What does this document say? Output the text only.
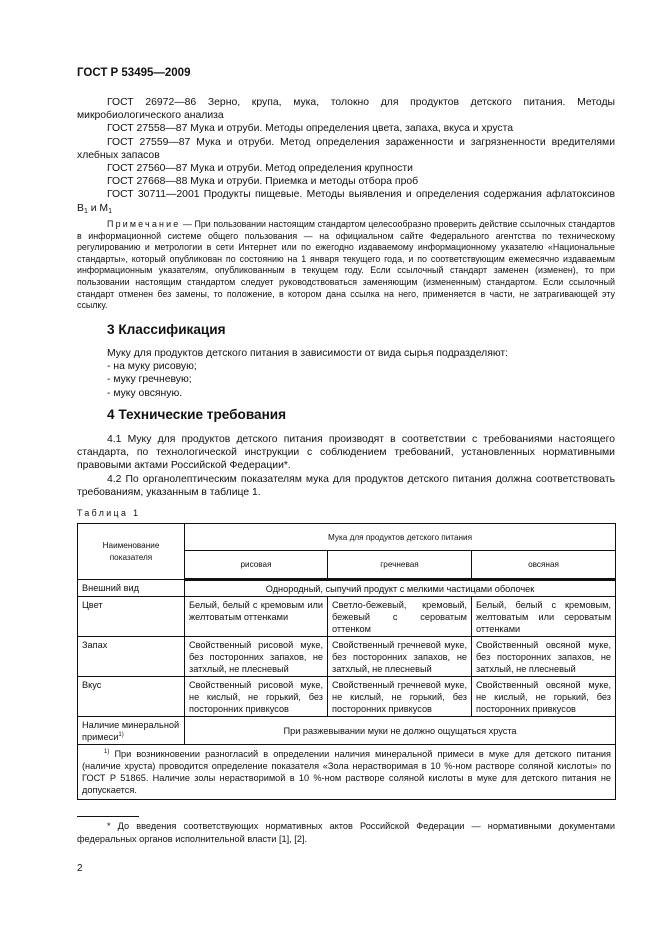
ГОСТ Р 53495—2009

ГОСТ 26972—86 Зерно, крупа, мука, толокно для продуктов детского питания. Методы микробиологического анализа

ГОСТ 27558—87 Мука и отруби. Методы определения цвета, запаха, вкуса и хруста

ГОСТ 27559—87 Мука и отруби. Метод определения зараженности и загрязненности вредителями хлебных запасов

ГОСТ 27560—87 Мука и отруби. Метод определения крупности

ГОСТ 27668—88 Мука и отруби. Приемка и методы отбора проб

ГОСТ 30711—2001 Продукты пищевые. Методы выявления и определения содержания афлатоксинов $B_1$ и $M_1$

Примечание — При пользовании настоящим стандартом целесообразно проверить действие ссылочных стандартов в информационной системе общего пользования — на официальном сайте Федерального агентства по техническому регулированию и метрологии в сети Интернет или по ежегодно издаваемому информационному указателю «Национальные стандарты», который опубликован по состоянию на 1 января текущего года, и по соответствующим ежемесячно издаваемым информационным указателям, опубликованным в текущем году. Если ссылочный стандарт заменен (изменен), то при пользовании настоящим стандартом следует руководствоваться заменяющим (измененным) стандартом. Если ссылочный стандарт отменен без замены, то положение, в котором дана ссылка на него, применяется в части, не затрагивающей эту ссылку.

3 Классификация

Муку для продуктов детского питания в зависимости от вида сырья подразделяют:

- на муку рисовую;

- муку гречневую;

- муку овсяную.

4 Технические требования

4.1 Муку для продуктов детского питания производят в соответствии с требованиями настоящего стандарта, по технологической инструкции с соблюдением требований, установленных нормативными правовыми актами Российской Федерации*.

4.2 По органолептическим показателям мука для продуктов детского питания должна соответствовать требованиям, указанным в таблице 1.

Таблица 1
Наименование показателя	Мука для продуктов детского питания		
	рисовая	гречневая	овсяная
Внешний вид	Однородный, сыпучий продукт с мелкими частицами оболочек		
Цвет	Белый, белый с кремовым или желтоватым оттенками	Светло-бежевый, кремовый, бежевый с сероватым оттенком	Белый, белый с кремовым, желтоватым или сероватым оттенками
Запах	Свойственный рисовой муке, без посторонних запахов, не затхлый, не плесневый	Свойственный гречневой муке, без посторонних запахов, не затхлый, не плесневый	Свойственный овсяной муке, без посторонних запахов, не затхлый, не плесневый
Вкус	Свойственный рисовой муке, не кислый, не горький, без посторонних привкусов	Свойственный гречневой муке, не кислый, не горький, без посторонних привкусов	Свойственный овсяной муке, не кислый, не горький, без посторонних привкусов
Наличие минеральной примеси$^{1)}$	При разжевывании муки не должно ощущаться хруста		
$^{1)}$ При возникновении разногласий в определении наличия минеральной примеси в муке для детского питания (наличие хруста) проводится определение показателя «Зола нерастворимая в 10 %-ном растворе соляной кислоты» по ГОСТ Р 51865. Наличие золы нерастворимой в 10 %-ном растворе соляной кислоты в муке для детского питания не допускается.			

* До введения соответствующих нормативных актов Российской Федерации — нормативными документами федеральных органов исполнительной власти [1], [2].

2
